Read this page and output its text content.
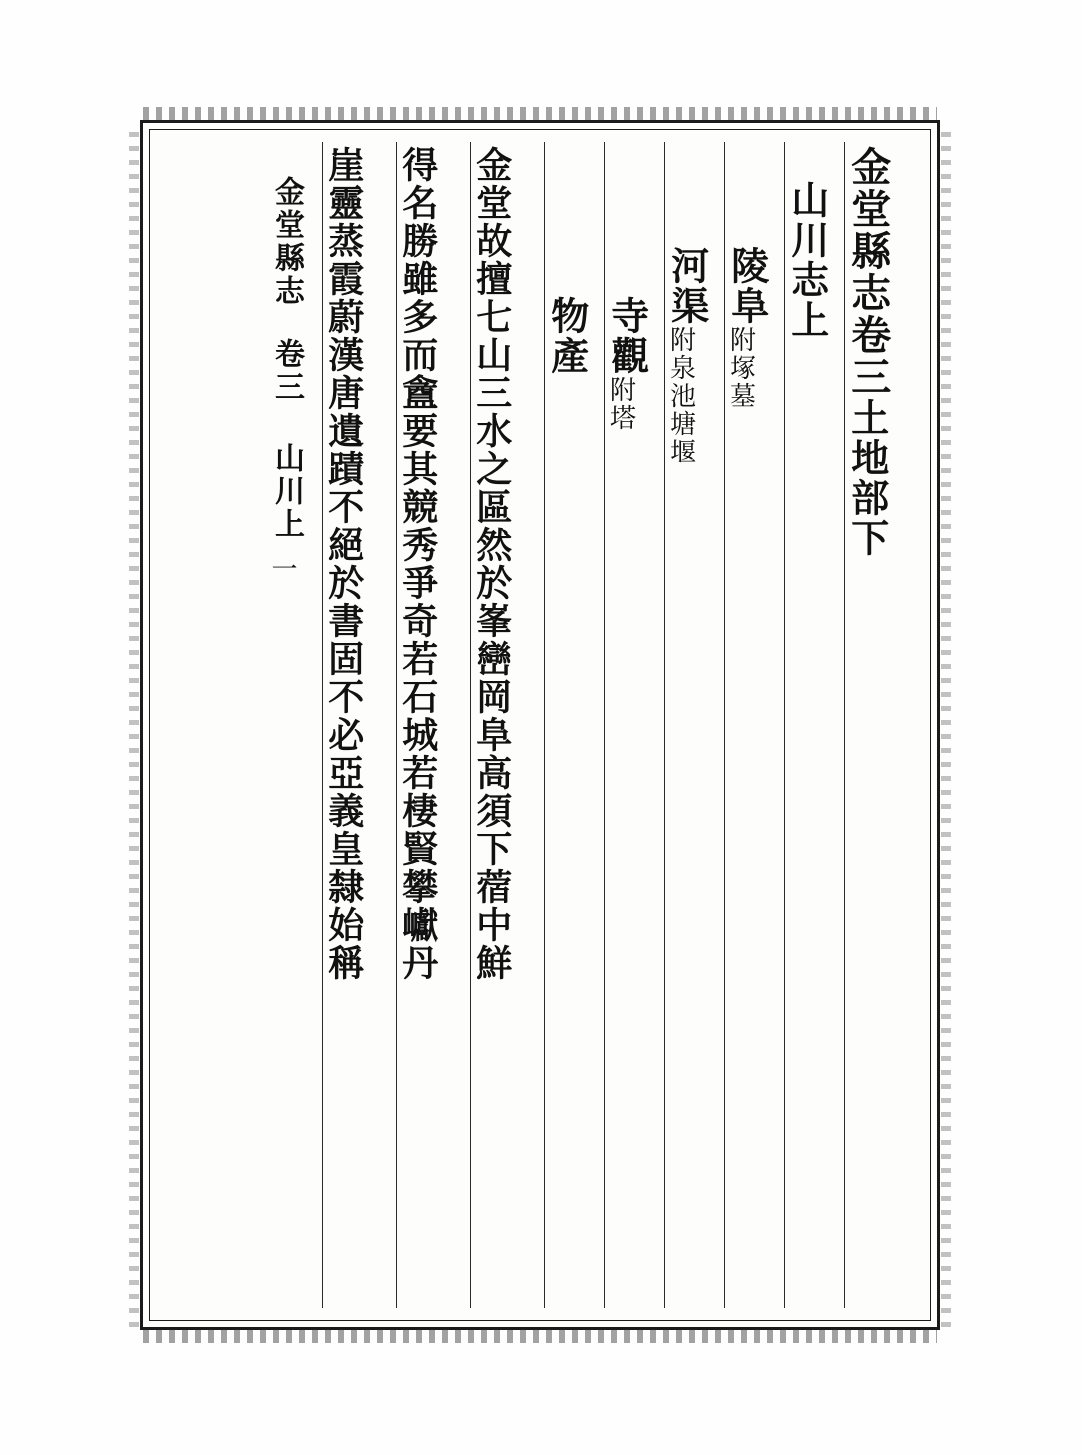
金堂縣志卷三
土地部下
山川志上
陵阜
附塚墓
河渠
附泉池塘堰
寺觀
附塔
物產
金堂故擅七山三水之區然於峯巒岡阜高須下蓿中鮮
得名勝雖多而盦要其競秀爭奇若石城若棲賢攀巘丹
崖靈蒸霞蔚漢唐遺蹟不絕於書固不必亞義皇隸始稱
金堂縣志
卷三 山川上
一
